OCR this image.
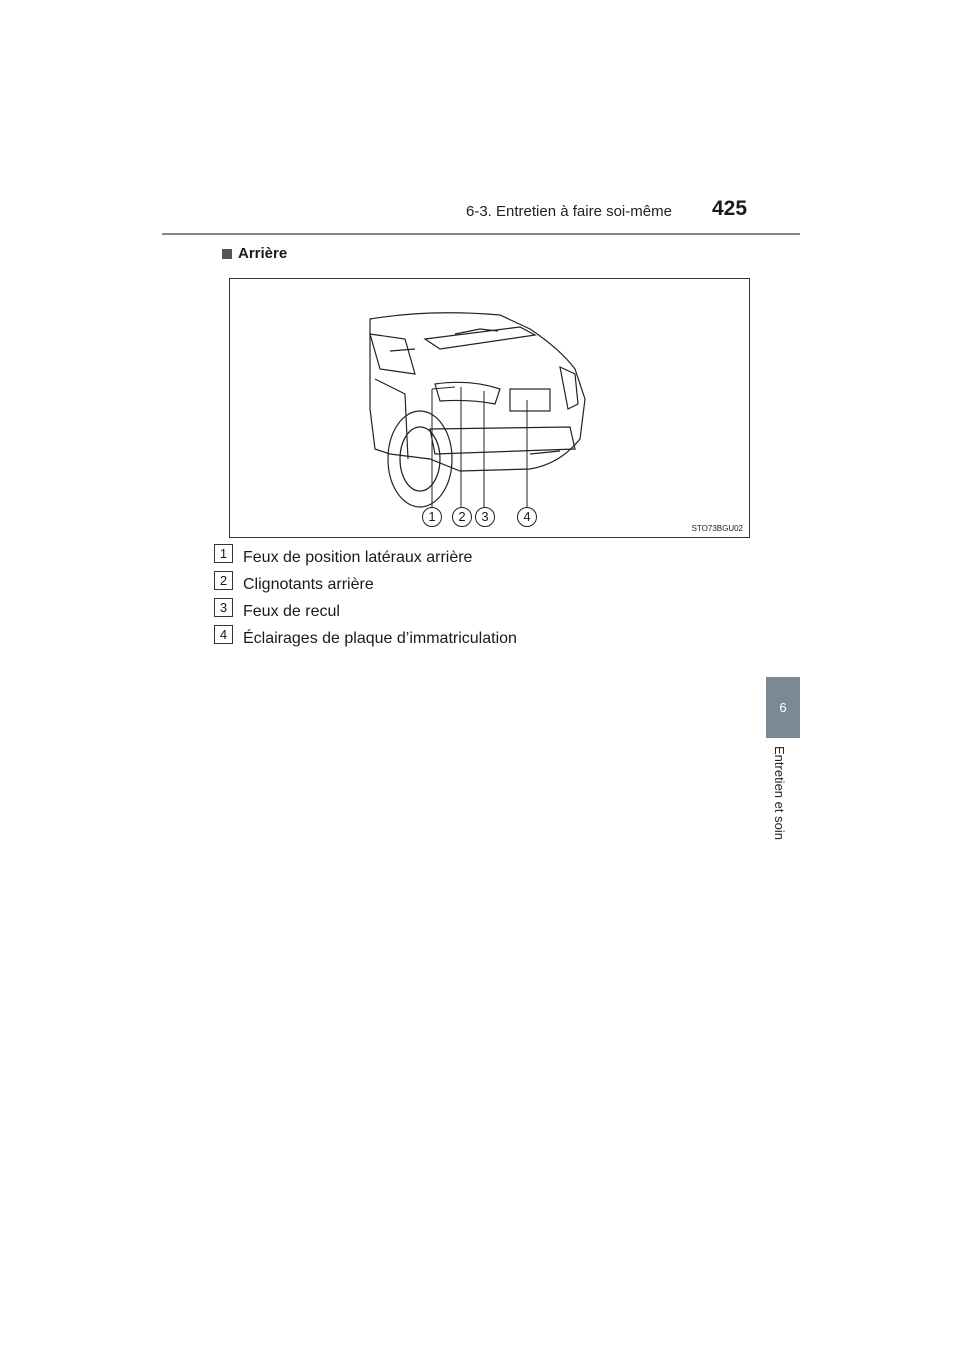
6-3. Entretien à faire soi-même 425
Arrière
1	2	3	4
STO73BGU02
1 Feux de position latéraux arrière
2 Clignotants arrière
3 Feux de recul
4 Éclairages de plaque d’immatriculation
6
Entretien et soin
